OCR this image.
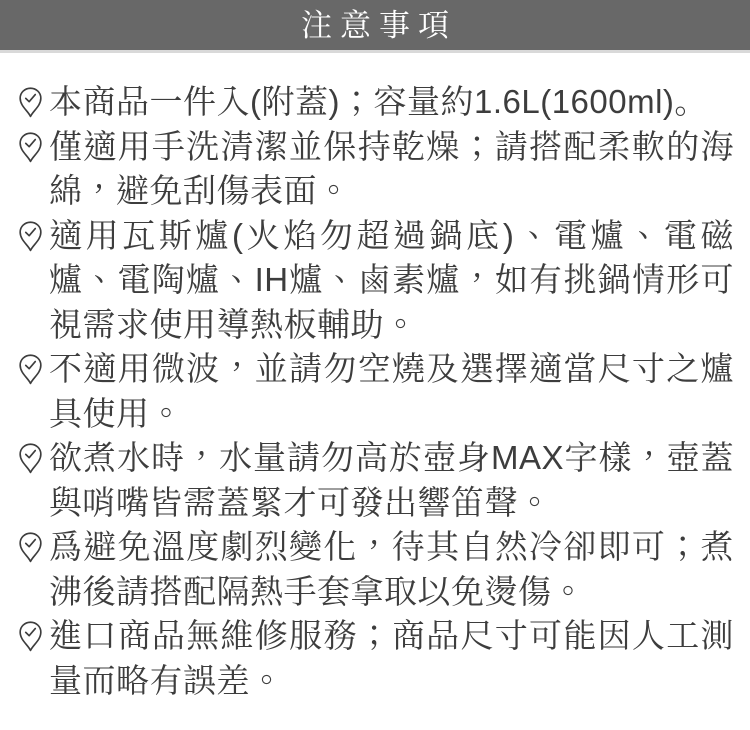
注意事項

本商品一件入(附蓋)；容量約1.6L(1600ml)。

僅適用手洗清潔並保持乾燥；請搭配柔軟的海綿，避免刮傷表面。

適用瓦斯爐(火焰勿超過鍋底)、電爐、電磁爐、電陶爐、IH爐、鹵素爐，如有挑鍋情形可視需求使用導熱板輔助。

不適用微波，並請勿空燒及選擇適當尺寸之爐具使用。

欲煮水時，水量請勿高於壺身MAX字樣，壺蓋與哨嘴皆需蓋緊才可發出響笛聲。

爲避免溫度劇烈變化，待其自然冷卻即可；煮沸後請搭配隔熱手套拿取以免燙傷。

進口商品無維修服務；商品尺寸可能因人工測量而略有誤差。
